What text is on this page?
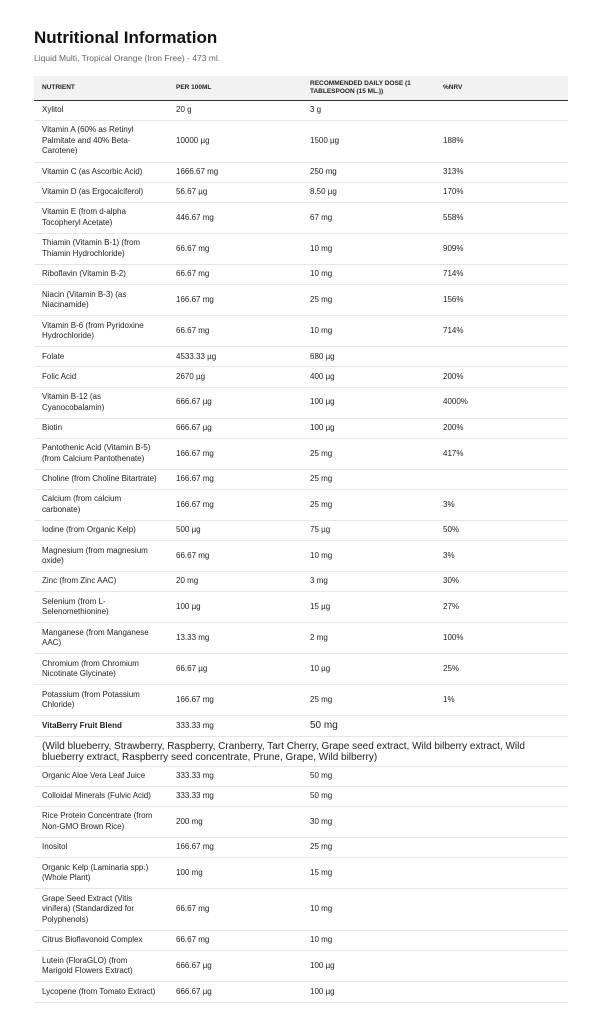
Nutritional Information

Liquid Multi, Tropical Orange (Iron Free) - 473 ml.

NUTRIENT	PER 100ML	RECOMMENDED DAILY DOSE (1 TABLESPOON (15 ML.))	%NRV
Xylitol	20 g	3 g	
Vitamin A (60% as Retinyl Palmitate and 40% Beta-Carotene)	10000 µg	1500 µg	188%
Vitamin C (as Ascorbic Acid)	1666.67 mg	250 mg	313%
Vitamin D (as Ergocalciferol)	56.67 µg	8.50 µg	170%
Vitamin E (from d-alpha Tocopheryl Acetate)	446.67 mg	67 mg	558%
Thiamin (Vitamin B-1) (from Thiamin Hydrochloride)	66.67 mg	10 mg	909%
Riboflavin (Vitamin B-2)	66.67 mg	10 mg	714%
Niacin (Vitamin B-3) (as Niacinamide)	166.67 mg	25 mg	156%
Vitamin B-6 (from Pyridoxine Hydrochloride)	66.67 mg	10 mg	714%
Folate	4533.33 µg	680 µg	
Folic Acid	2670 µg	400 µg	200%
Vitamin B-12 (as Cyanocobalamin)	666.67 µg	100 µg	4000%
Biotin	666.67 µg	100 µg	200%
Pantothenic Acid (Vitamin B-5) (from Calcium Pantothenate)	166.67 mg	25 mg	417%
Choline (from Choline Bitartrate)	166.67 mg	25 mg	
Calcium (from calcium carbonate)	166.67 mg	25 mg	3%
Iodine (from Organic Kelp)	500 µg	75 µg	50%
Magnesium (from magnesium oxide)	66.67 mg	10 mg	3%
Zinc (from Zinc AAC)	20 mg	3 mg	30%
Selenium (from L-Selenomethionine)	100 µg	15 µg	27%
Manganese (from Manganese AAC)	13.33 mg	2 mg	100%
Chromium (from Chromium Nicotinate Glycinate)	66.67 µg	10 µg	25%
Potassium (from Potassium Chloride)	166.67 mg	25 mg	1%
VitaBerry Fruit Blend	333.33 mg	50 mg	
(Wild blueberry, Strawberry, Raspberry, Cranberry, Tart Cherry, Grape seed extract, Wild bilberry extract, Wild blueberry extract, Raspberry seed concentrate, Prune, Grape, Wild bilberry)			
Organic Aloe Vera Leaf Juice	333.33 mg	50 mg	
Colloidal Minerals (Fulvic Acid)	333.33 mg	50 mg	
Rice Protein Concentrate (from Non-GMO Brown Rice)	200 mg	30 mg	
Inositol	166.67 mg	25 mg	
Organic Kelp (Laminaria spp.) (Whole Plant)	100 mg	15 mg	
Grape Seed Extract (Vitis vinifera) (Standardized for Polyphenols)	66.67 mg	10 mg	
Citrus Bioflavonoid Complex	66.67 mg	10 mg	
Lutein (FloraGLO) (from Marigold Flowers Extract)	666.67 µg	100 µg	
Lycopene (from Tomato Extract)	666.67 µg	100 µg	
